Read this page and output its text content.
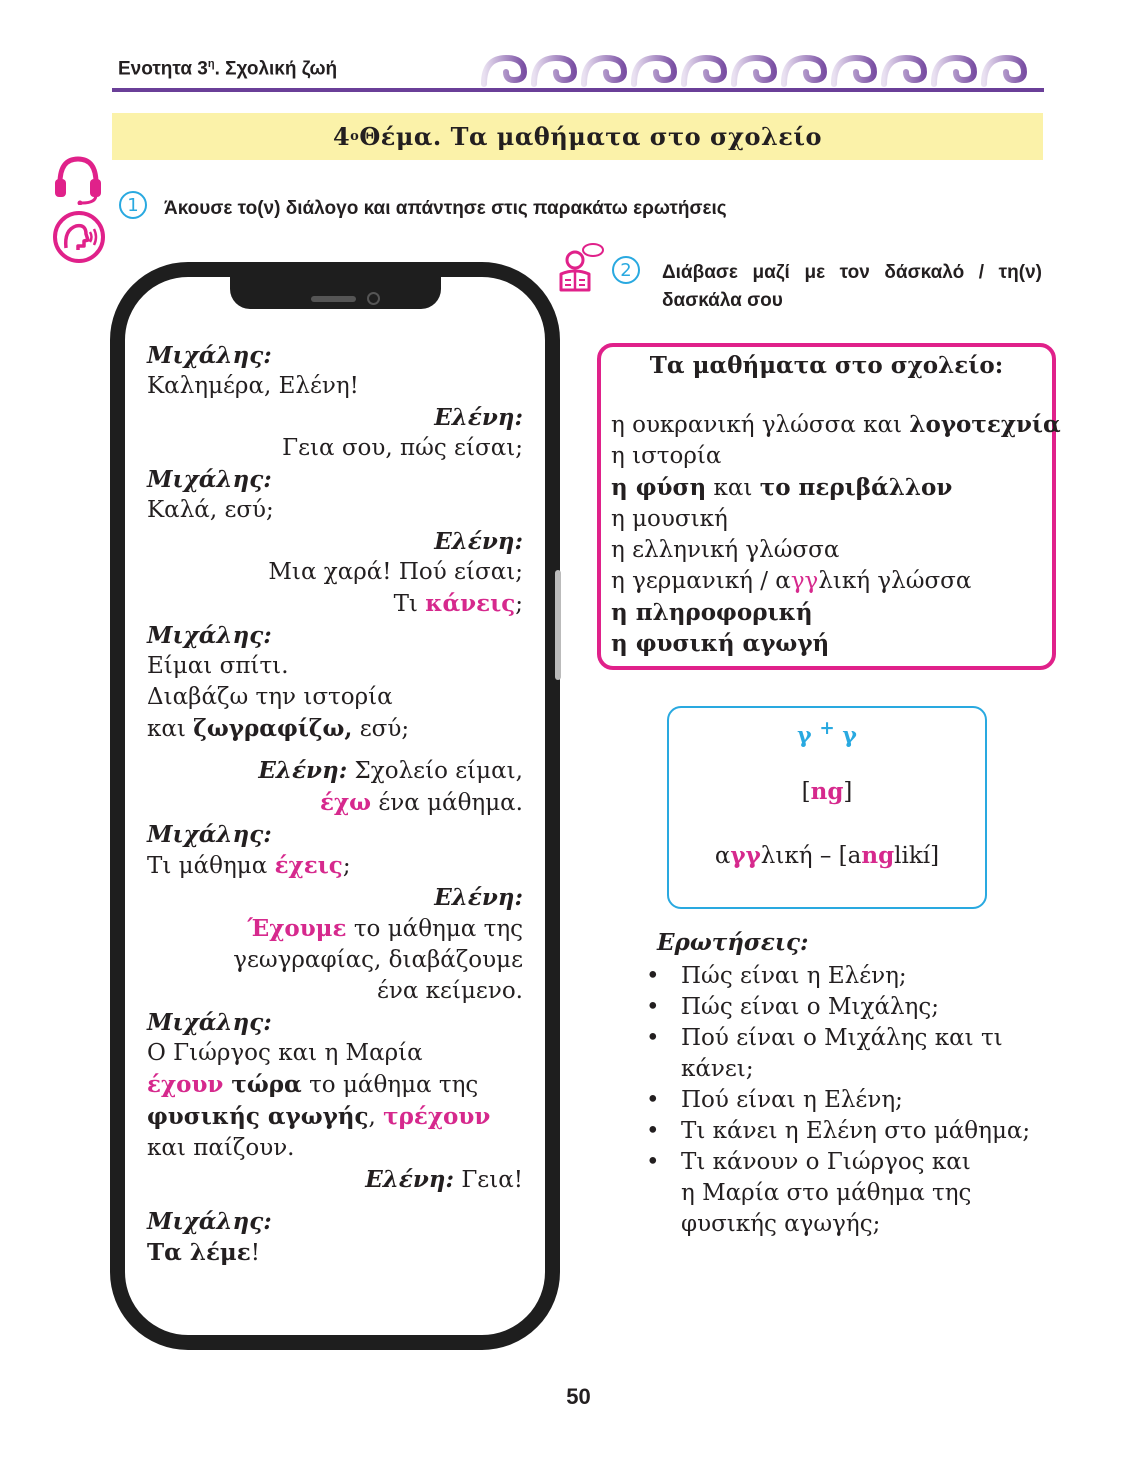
Ενοτητα $3^\eta$. Σχολική ζωή
4 ο Θέμα. Τα μαθήματα στο σχολείο
1	Άκουσε το(ν) διάλογο και απάντησε στις παρακάτω ερωτήσεις
2	Διάβασε μαζί με τον δάσκαλό / τη(ν) δασκάλα σου
Μιχάλης:
Καλημέρα, Ελένη!
Ελένη:
Γεια σου, πώς είσαι;
Μιχάλης:
Καλά, εσύ;
Ελένη:
Μια χαρά! Πού είσαι;
Τι κάνεις;
Μιχάλης:
Είμαι σπίτι.
Διαβάζω την ιστορία
και ζωγραφίζω, εσύ;
Ελένη: Σχολείο είμαι,
έχω ένα μάθημα.
Μιχάλης:
Τι μάθημα έχεις;
Ελένη:
Έχουμε το μάθημα της
γεωγραφίας, διαβάζουμε
ένα κείμενο.
Μιχάλης:
Ο Γιώργος και η Μαρία
έχουν τώρα το μάθημα της
φυσικής αγωγής, τρέχουν
και παίζουν.
Ελένη: Γεια!
Μιχάλης:
Τα λέμε!
Τα μαθήματα στο σχολείο:
η ουκρανική γλώσσα και λογοτεχνία
η ιστορία
η φύση και το περιβάλλον
η μουσική
η ελληνική γλώσσα
η γερμανική / αγγλική γλώσσα
η πληροφορική
η φυσική αγωγή
γ + γ
[ng]
αγγλική – [anglikí]
Ερωτήσεις:
• Πώς είναι η Ελένη;
• Πώς είναι ο Μιχάλης;
• Πού είναι ο Μιχάλης και τι κάνει;
• Πού είναι η Ελένη;
• Τι κάνει η Ελένη στο μάθημα;
• Τι κάνουν ο Γιώργος και η Μαρία στο μάθημα της φυσικής αγωγής;
50
